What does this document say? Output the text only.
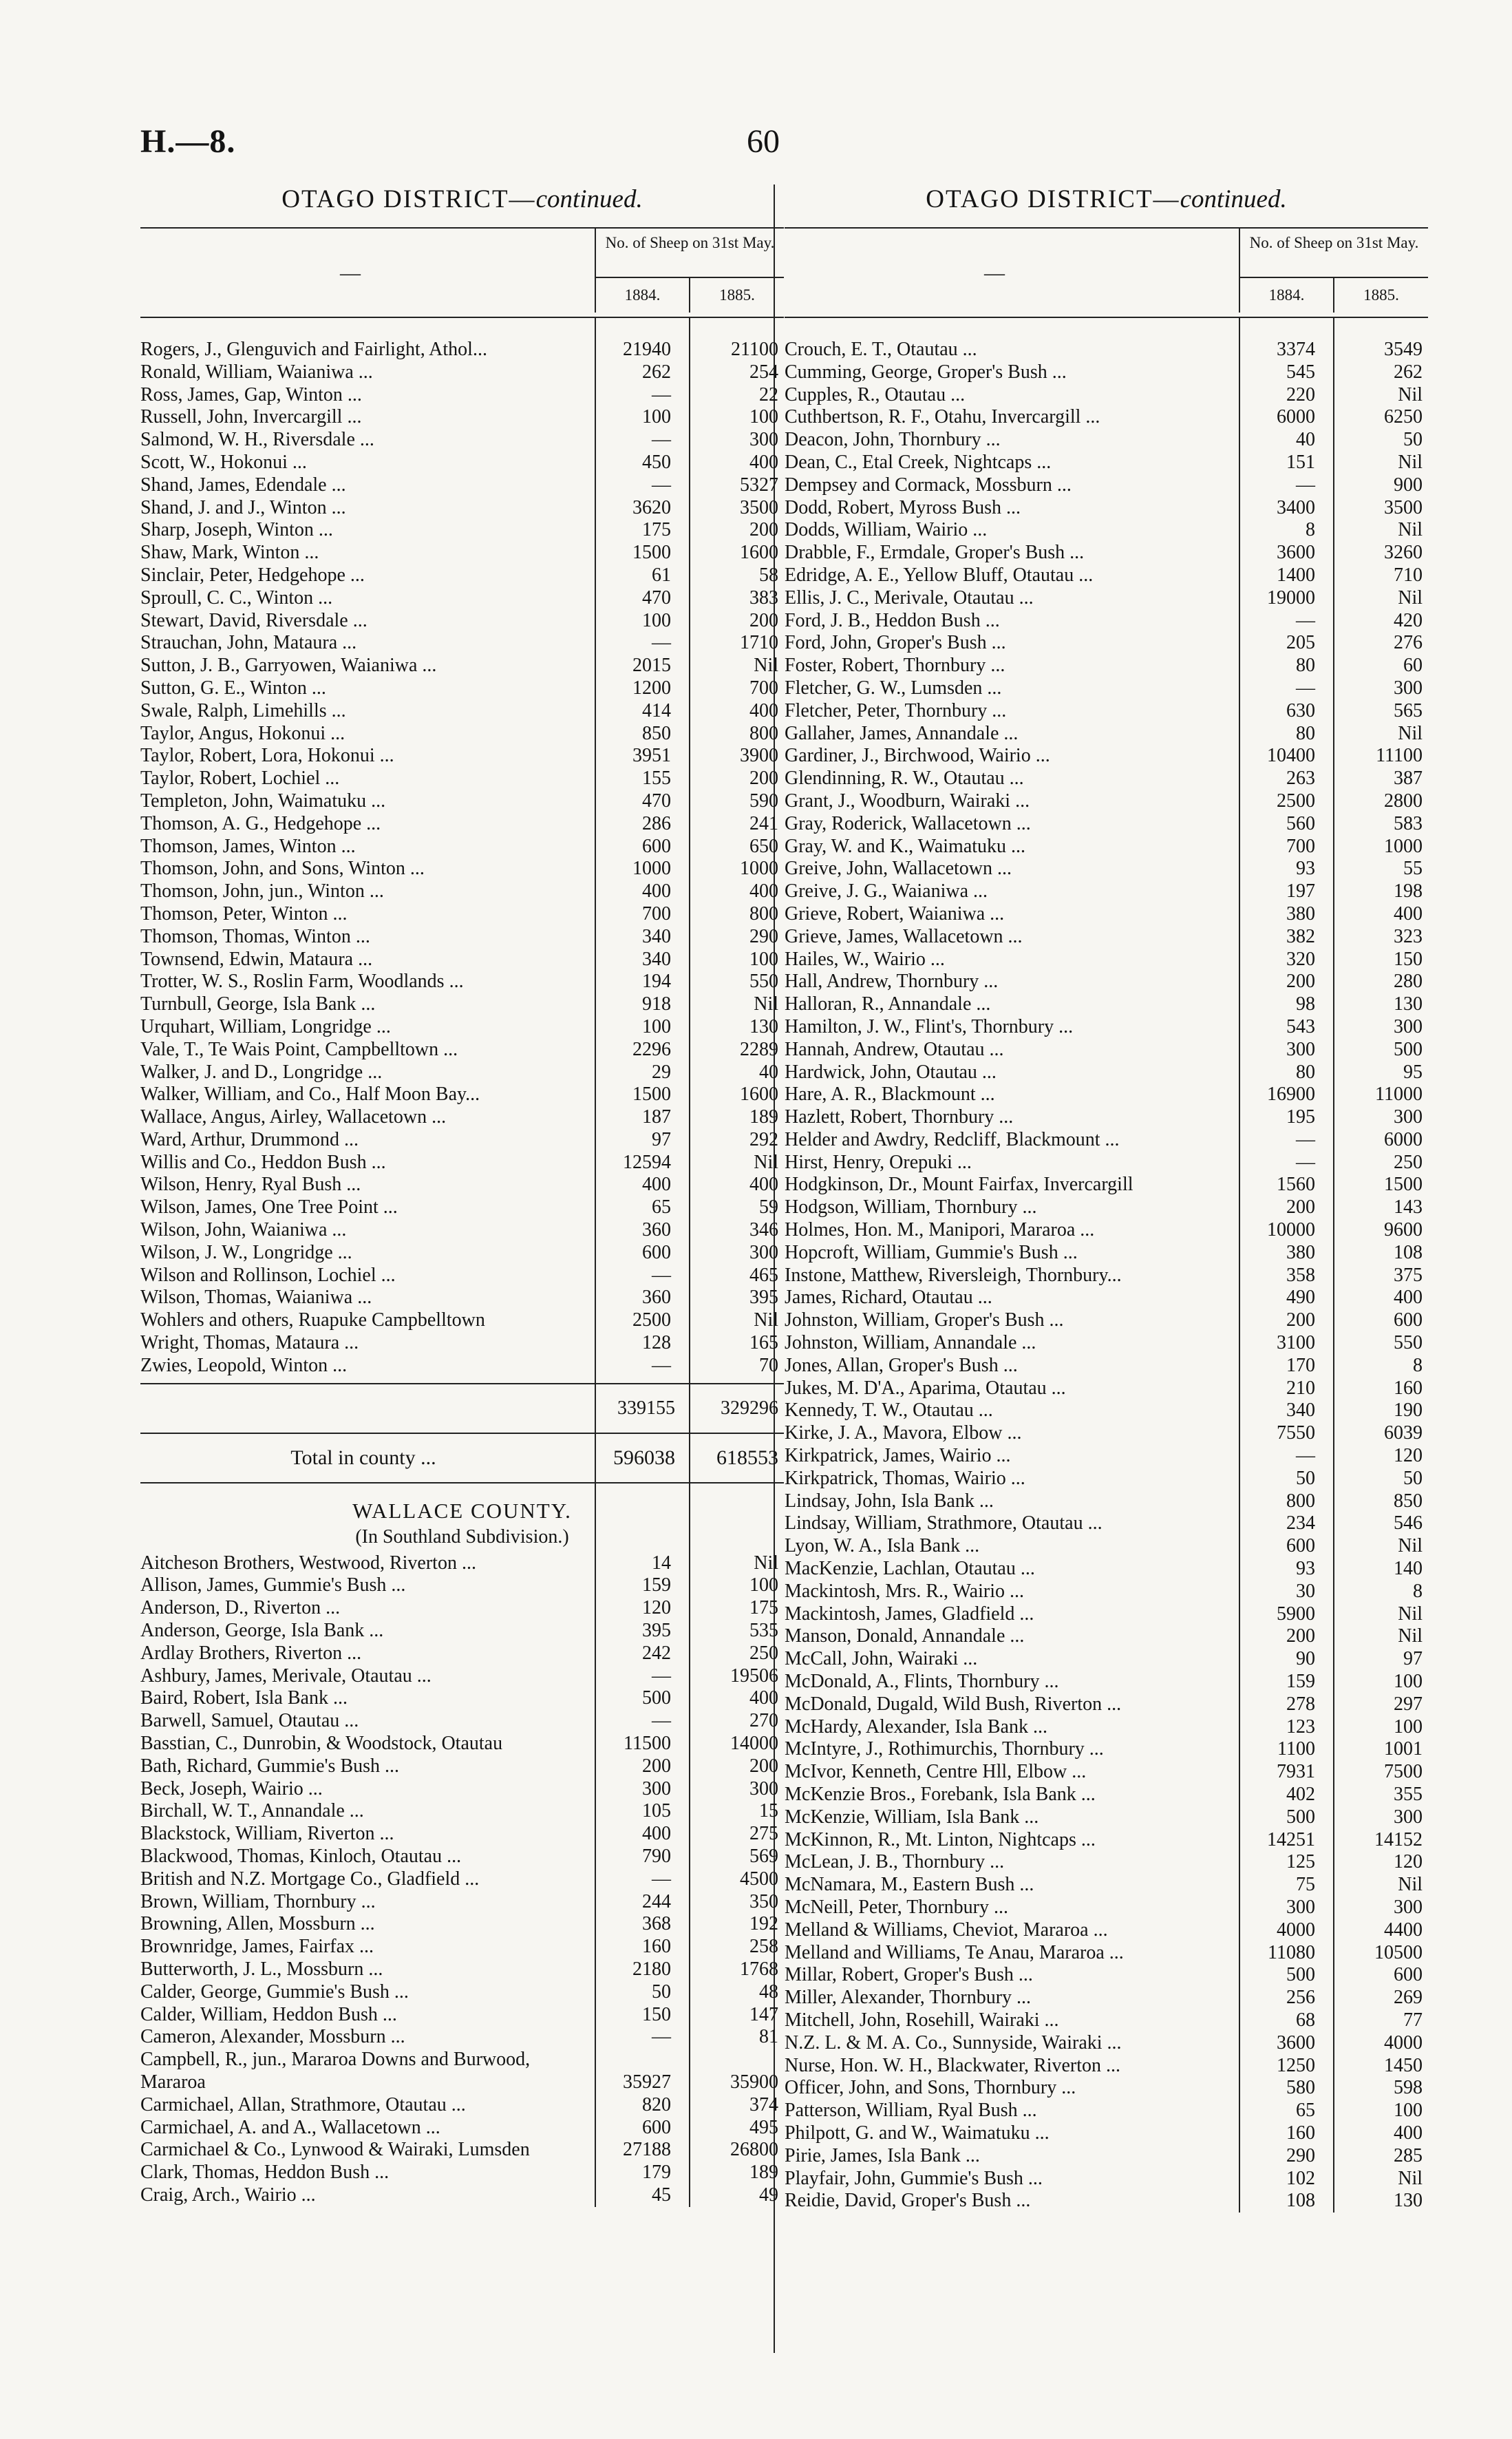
H.—8.	60
OTAGO DISTRICT—continued.
—
No. of Sheep on 31st May.
1884.	1885.
Rogers, J., Glenguvich and Fairlight, Athol...	21940	21100
Ronald, William, Waianiwa ...	262	254
Ross, James, Gap, Winton ...	—	22
Russell, John, Invercargill ...	100	100
Salmond, W. H., Riversdale ...	—	300
Scott, W., Hokonui ...	450	400
Shand, James, Edendale ...	—	5327
Shand, J. and J., Winton ...	3620	3500
Sharp, Joseph, Winton ...	175	200
Shaw, Mark, Winton ...	1500	1600
Sinclair, Peter, Hedgehope ...	61	58
Sproull, C. C., Winton ...	470	383
Stewart, David, Riversdale ...	100	200
Strauchan, John, Mataura ...	—	1710
Sutton, J. B., Garryowen, Waianiwa ...	2015	Nil
Sutton, G. E., Winton ...	1200	700
Swale, Ralph, Limehills ...	414	400
Taylor, Angus, Hokonui ...	850	800
Taylor, Robert, Lora, Hokonui ...	3951	3900
Taylor, Robert, Lochiel ...	155	200
Templeton, John, Waimatuku ...	470	590
Thomson, A. G., Hedgehope ...	286	241
Thomson, James, Winton ...	600	650
Thomson, John, and Sons, Winton ...	1000	1000
Thomson, John, jun., Winton ...	400	400
Thomson, Peter, Winton ...	700	800
Thomson, Thomas, Winton ...	340	290
Townsend, Edwin, Mataura ...	340	100
Trotter, W. S., Roslin Farm, Woodlands ...	194	550
Turnbull, George, Isla Bank ...	918	Nil
Urquhart, William, Longridge ...	100	130
Vale, T., Te Wais Point, Campbelltown ...	2296	2289
Walker, J. and D., Longridge ...	29	40
Walker, William, and Co., Half Moon Bay...	1500	1600
Wallace, Angus, Airley, Wallacetown ...	187	189
Ward, Arthur, Drummond ...	97	292
Willis and Co., Heddon Bush ...	12594	Nil
Wilson, Henry, Ryal Bush ...	400	400
Wilson, James, One Tree Point ...	65	59
Wilson, John, Waianiwa ...	360	346
Wilson, J. W., Longridge ...	600	300
Wilson and Rollinson, Lochiel ...	—	465
Wilson, Thomas, Waianiwa ...	360	395
Wohlers and others, Ruapuke Campbelltown	2500	Nil
Wright, Thomas, Mataura ...	128	165
Zwies, Leopold, Winton ...	—	70
339155	329296
Total in county ...	596038	618553
WALLACE COUNTY.
(In Southland Subdivision.)
Aitcheson Brothers, Westwood, Riverton ...	14	Nil
Allison, James, Gummie's Bush ...	159	100
Anderson, D., Riverton ...	120	175
Anderson, George, Isla Bank ...	395	535
Ardlay Brothers, Riverton ...	242	250
Ashbury, James, Merivale, Otautau ...	—	19506
Baird, Robert, Isla Bank ...	500	400
Barwell, Samuel, Otautau ...	—	270
Basstian, C., Dunrobin, & Woodstock, Otautau	11500	14000
Bath, Richard, Gummie's Bush ...	200	200
Beck, Joseph, Wairio ...	300	300
Birchall, W. T., Annandale ...	105	15
Blackstock, William, Riverton ...	400	275
Blackwood, Thomas, Kinloch, Otautau ...	790	569
British and N.Z. Mortgage Co., Gladfield ...	—	4500
Brown, William, Thornbury ...	244	350
Browning, Allen, Mossburn ...	368	192
Brownridge, James, Fairfax ...	160	258
Butterworth, J. L., Mossburn ...	2180	1768
Calder, George, Gummie's Bush ...	50	48
Calder, William, Heddon Bush ...	150	147
Cameron, Alexander, Mossburn ...	—	81
Campbell, R., jun., Mararoa Downs and Burwood, Mararoa	35927	35900
Carmichael, Allan, Strathmore, Otautau ...	820	374
Carmichael, A. and A., Wallacetown ...	600	495
Carmichael & Co., Lynwood & Wairaki, Lumsden	27188	26800
Clark, Thomas, Heddon Bush ...	179	189
Craig, Arch., Wairio ...	45	49
OTAGO DISTRICT—continued.
—
No. of Sheep on 31st May.
1884.	1885.
Crouch, E. T., Otautau ...	3374	3549
Cumming, George, Groper's Bush ...	545	262
Cupples, R., Otautau ...	220	Nil
Cuthbertson, R. F., Otahu, Invercargill ...	6000	6250
Deacon, John, Thornbury ...	40	50
Dean, C., Etal Creek, Nightcaps ...	151	Nil
Dempsey and Cormack, Mossburn ...	—	900
Dodd, Robert, Myross Bush ...	3400	3500
Dodds, William, Wairio ...	8	Nil
Drabble, F., Ermdale, Groper's Bush ...	3600	3260
Edridge, A. E., Yellow Bluff, Otautau ...	1400	710
Ellis, J. C., Merivale, Otautau ...	19000	Nil
Ford, J. B., Heddon Bush ...	—	420
Ford, John, Groper's Bush ...	205	276
Foster, Robert, Thornbury ...	80	60
Fletcher, G. W., Lumsden ...	—	300
Fletcher, Peter, Thornbury ...	630	565
Gallaher, James, Annandale ...	80	Nil
Gardiner, J., Birchwood, Wairio ...	10400	11100
Glendinning, R. W., Otautau ...	263	387
Grant, J., Woodburn, Wairaki ...	2500	2800
Gray, Roderick, Wallacetown ...	560	583
Gray, W. and K., Waimatuku ...	700	1000
Greive, John, Wallacetown ...	93	55
Greive, J. G., Waianiwa ...	197	198
Grieve, Robert, Waianiwa ...	380	400
Grieve, James, Wallacetown ...	382	323
Hailes, W., Wairio ...	320	150
Hall, Andrew, Thornbury ...	200	280
Halloran, R., Annandale ...	98	130
Hamilton, J. W., Flint's, Thornbury ...	543	300
Hannah, Andrew, Otautau ...	300	500
Hardwick, John, Otautau ...	80	95
Hare, A. R., Blackmount ...	16900	11000
Hazlett, Robert, Thornbury ...	195	300
Helder and Awdry, Redcliff, Blackmount ...	—	6000
Hirst, Henry, Orepuki ...	—	250
Hodgkinson, Dr., Mount Fairfax, Invercargill	1560	1500
Hodgson, William, Thornbury ...	200	143
Holmes, Hon. M., Manipori, Mararoa ...	10000	9600
Hopcroft, William, Gummie's Bush ...	380	108
Instone, Matthew, Riversleigh, Thornbury...	358	375
James, Richard, Otautau ...	490	400
Johnston, William, Groper's Bush ...	200	600
Johnston, William, Annandale ...	3100	550
Jones, Allan, Groper's Bush ...	170	8
Jukes, M. D'A., Aparima, Otautau ...	210	160
Kennedy, T. W., Otautau ...	340	190
Kirke, J. A., Mavora, Elbow ...	7550	6039
Kirkpatrick, James, Wairio ...	—	120
Kirkpatrick, Thomas, Wairio ...	50	50
Lindsay, John, Isla Bank ...	800	850
Lindsay, William, Strathmore, Otautau ...	234	546
Lyon, W. A., Isla Bank ...	600	Nil
MacKenzie, Lachlan, Otautau ...	93	140
Mackintosh, Mrs. R., Wairio ...	30	8
Mackintosh, James, Gladfield ...	5900	Nil
Manson, Donald, Annandale ...	200	Nil
McCall, John, Wairaki ...	90	97
McDonald, A., Flints, Thornbury ...	159	100
McDonald, Dugald, Wild Bush, Riverton ...	278	297
McHardy, Alexander, Isla Bank ...	123	100
McIntyre, J., Rothimurchis, Thornbury ...	1100	1001
McIvor, Kenneth, Centre Hll, Elbow ...	7931	7500
McKenzie Bros., Forebank, Isla Bank ...	402	355
McKenzie, William, Isla Bank ...	500	300
McKinnon, R., Mt. Linton, Nightcaps ...	14251	14152
McLean, J. B., Thornbury ...	125	120
McNamara, M., Eastern Bush ...	75	Nil
McNeill, Peter, Thornbury ...	300	300
Melland & Williams, Cheviot, Mararoa ...	4000	4400
Melland and Williams, Te Anau, Mararoa ...	11080	10500
Millar, Robert, Groper's Bush ...	500	600
Miller, Alexander, Thornbury ...	256	269
Mitchell, John, Rosehill, Wairaki ...	68	77
N.Z. L. & M. A. Co., Sunnyside, Wairaki ...	3600	4000
Nurse, Hon. W. H., Blackwater, Riverton ...	1250	1450
Officer, John, and Sons, Thornbury ...	580	598
Patterson, William, Ryal Bush ...	65	100
Philpott, G. and W., Waimatuku ...	160	400
Pirie, James, Isla Bank ...	290	285
Playfair, John, Gummie's Bush ...	102	Nil
Reidie, David, Groper's Bush ...	108	130
